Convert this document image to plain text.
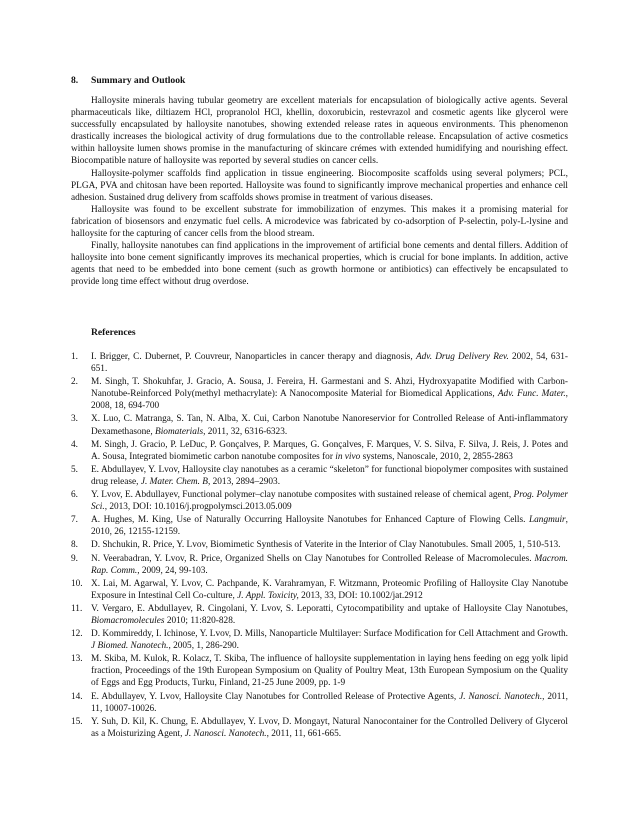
8. Summary and Outlook

Halloysite minerals having tubular geometry are excellent materials for encapsulation of biologically active agents. Several pharmaceuticals like, diltiazem HCl, propranolol HCl, khellin, doxorubicin, restevrazol and cosmetic agents like glycerol were successfully encapsulated by halloysite nanotubes, showing extended release rates in aqueous environments. This phenomenon drastically increases the biological activity of drug formulations due to the controllable release. Encapsulation of active cosmetics within halloysite lumen shows promise in the manufacturing of skincare crémes with extended humidifying and nourishing effect. Biocompatible nature of halloysite was reported by several studies on cancer cells.

Halloysite-polymer scaffolds find application in tissue engineering. Biocomposite scaffolds using several polymers; PCL, PLGA, PVA and chitosan have been reported. Halloysite was found to significantly improve mechanical properties and enhance cell adhesion. Sustained drug delivery from scaffolds shows promise in treatment of various diseases.

Halloysite was found to be excellent substrate for immobilization of enzymes. This makes it a promising material for fabrication of biosensors and enzymatic fuel cells. A microdevice was fabricated by co-adsorption of P-selectin, poly-L-lysine and halloysite for the capturing of cancer cells from the blood stream.

Finally, halloysite nanotubes can find applications in the improvement of artificial bone cements and dental fillers. Addition of halloysite into bone cement significantly improves its mechanical properties, which is crucial for bone implants. In addition, active agents that need to be embedded into bone cement (such as growth hormone or antibiotics) can effectively be encapsulated to provide long time effect without drug overdose.

References
1. I. Brigger, C. Dubernet, P. Couvreur, Nanoparticles in cancer therapy and diagnosis, Adv. Drug Delivery Rev. 2002, 54, 631-651.
2. M. Singh, T. Shokuhfar, J. Gracio, A. Sousa, J. Fereira, H. Garmestani and S. Ahzi, Hydroxyapatite Modified with Carbon-Nanotube-Reinforced Poly(methyl methacrylate): A Nanocomposite Material for Biomedical Applications, Adv. Func. Mater., 2008, 18, 694-700
3. X. Luo, C. Matranga, S. Tan, N. Alba, X. Cui, Carbon Nanotube Nanoreservior for Controlled Release of Anti-inflammatory Dexamethasone, Biomaterials, 2011, 32, 6316-6323.
4. M. Singh, J. Gracio, P. LeDuc, P. Gonçalves, P. Marques, G. Gonçalves, F. Marques, V. S. Silva, F. Silva, J. Reis, J. Potes and A. Sousa, Integrated biomimetic carbon nanotube composites for in vivo systems, Nanoscale, 2010, 2, 2855-2863
5. E. Abdullayev, Y. Lvov, Halloysite clay nanotubes as a ceramic “skeleton” for functional biopolymer composites with sustained drug release, J. Mater. Chem. B, 2013, 2894–2903.
6. Y. Lvov, E. Abdullayev, Functional polymer–clay nanotube composites with sustained release of chemical agent, Prog. Polymer Sci., 2013, DOI: 10.1016/j.progpolymsci.2013.05.009
7. A. Hughes, M. King, Use of Naturally Occurring Halloysite Nanotubes for Enhanced Capture of Flowing Cells. Langmuir, 2010, 26, 12155-12159.
8. D. Shchukin, R. Price, Y. Lvov, Biomimetic Synthesis of Vaterite in the Interior of Clay Nanotubules. Small 2005, 1, 510-513.
9. N. Veerabadran, Y. Lvov, R. Price, Organized Shells on Clay Nanotubes for Controlled Release of Macromolecules. Macrom. Rap. Comm., 2009, 24, 99-103.
10. X. Lai, M. Agarwal, Y. Lvov, C. Pachpande, K. Varahramyan, F. Witzmann, Proteomic Profiling of Halloysite Clay Nanotube Exposure in Intestinal Cell Co-culture, J. Appl. Toxicity, 2013, 33, DOI: 10.1002/jat.2912
11. V. Vergaro, E. Abdullayev, R. Cingolani, Y. Lvov, S. Leporatti, Cytocompatibility and uptake of Halloysite Clay Nanotubes, Biomacromolecules 2010; 11:820-828.
12. D. Kommireddy, I. Ichinose, Y. Lvov, D. Mills, Nanoparticle Multilayer: Surface Modification for Cell Attachment and Growth. J Biomed. Nanotech., 2005, 1, 286-290.
13. M. Skiba, M. Kulok, R. Kolacz, T. Skiba, The influence of halloysite supplementation in laying hens feeding on egg yolk lipid fraction, Proceedings of the 19th European Symposium on Quality of Poultry Meat, 13th European Symposium on the Quality of Eggs and Egg Products, Turku, Finland, 21-25 June 2009, pp. 1-9
14. E. Abdullayev, Y. Lvov, Halloysite Clay Nanotubes for Controlled Release of Protective Agents, J. Nanosci. Nanotech., 2011, 11, 10007-10026.
15. Y. Suh, D. Kil, K. Chung, E. Abdullayev, Y. Lvov, D. Mongayt, Natural Nanocontainer for the Controlled Delivery of Glycerol as a Moisturizing Agent, J. Nanosci. Nanotech., 2011, 11, 661-665.
